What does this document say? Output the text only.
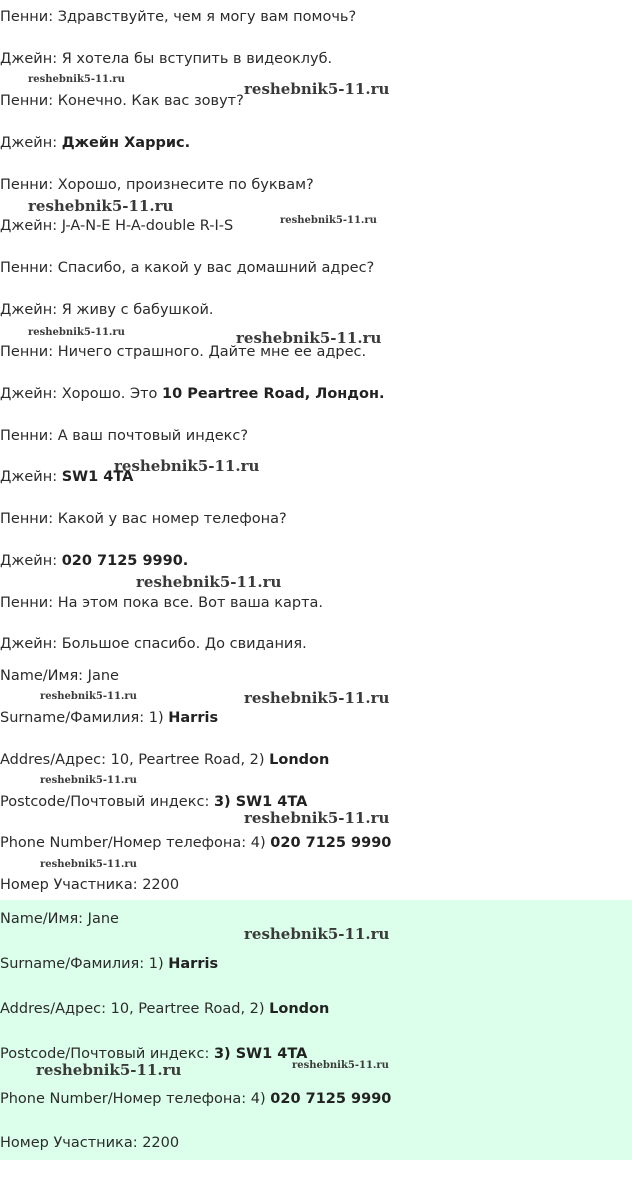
Пенни: Здравствуйте, чем я могу вам помочь?
Джейн: Я хотела бы вступить в видеоклуб.
Пенни: Конечно. Как вас зовут?
Джейн: Джейн Харрис.
Пенни: Хорошо, произнесите по буквам?
Джейн: J-A-N-E H-A-double R-I-S
Пенни: Спасибо, а какой у вас домашний адрес?
Джейн: Я живу с бабушкой.
Пенни: Ничего страшного. Дайте мне ее адрес.
Джейн: Хорошо. Это 10 Peartree Road, Лондон.
Пенни: А ваш почтовый индекс?
Джейн: SW1 4TA
Пенни: Какой у вас номер телефона?
Джейн: 020 7125 9990.
Пенни: На этом пока все. Вот ваша карта.
Джейн: Большое спасибо. До свидания.
Name/Имя: Jane
Surname/Фамилия: 1) Harris
Addres/Адрес: 10, Peartree Road, 2) London
Postcode/Почтовый индекс: 3) SW1 4TA
Phone Number/Номер телефона: 4) 020 7125 9990
Номер Участника: 2200
Name/Имя: Jane
Surname/Фамилия: 1) Harris
Addres/Адрес: 10, Peartree Road, 2) London
Postcode/Почтовый индекс: 3) SW1 4TA
Phone Number/Номер телефона: 4) 020 7125 9990
Номер Участника: 2200
reshebnik5-11.ru
reshebnik5-11.ru
reshebnik5-11.ru
reshebnik5-11.ru
reshebnik5-11.ru	reshebnik5-11.ru
reshebnik5-11.ru
reshebnik5-11.ru
reshebnik5-11.ru	reshebnik5-11.ru
reshebnik5-11.ru
reshebnik5-11.ru
reshebnik5-11.ru
reshebnik5-11.ru
reshebnik5-11.ru
reshebnik5-11.ru
